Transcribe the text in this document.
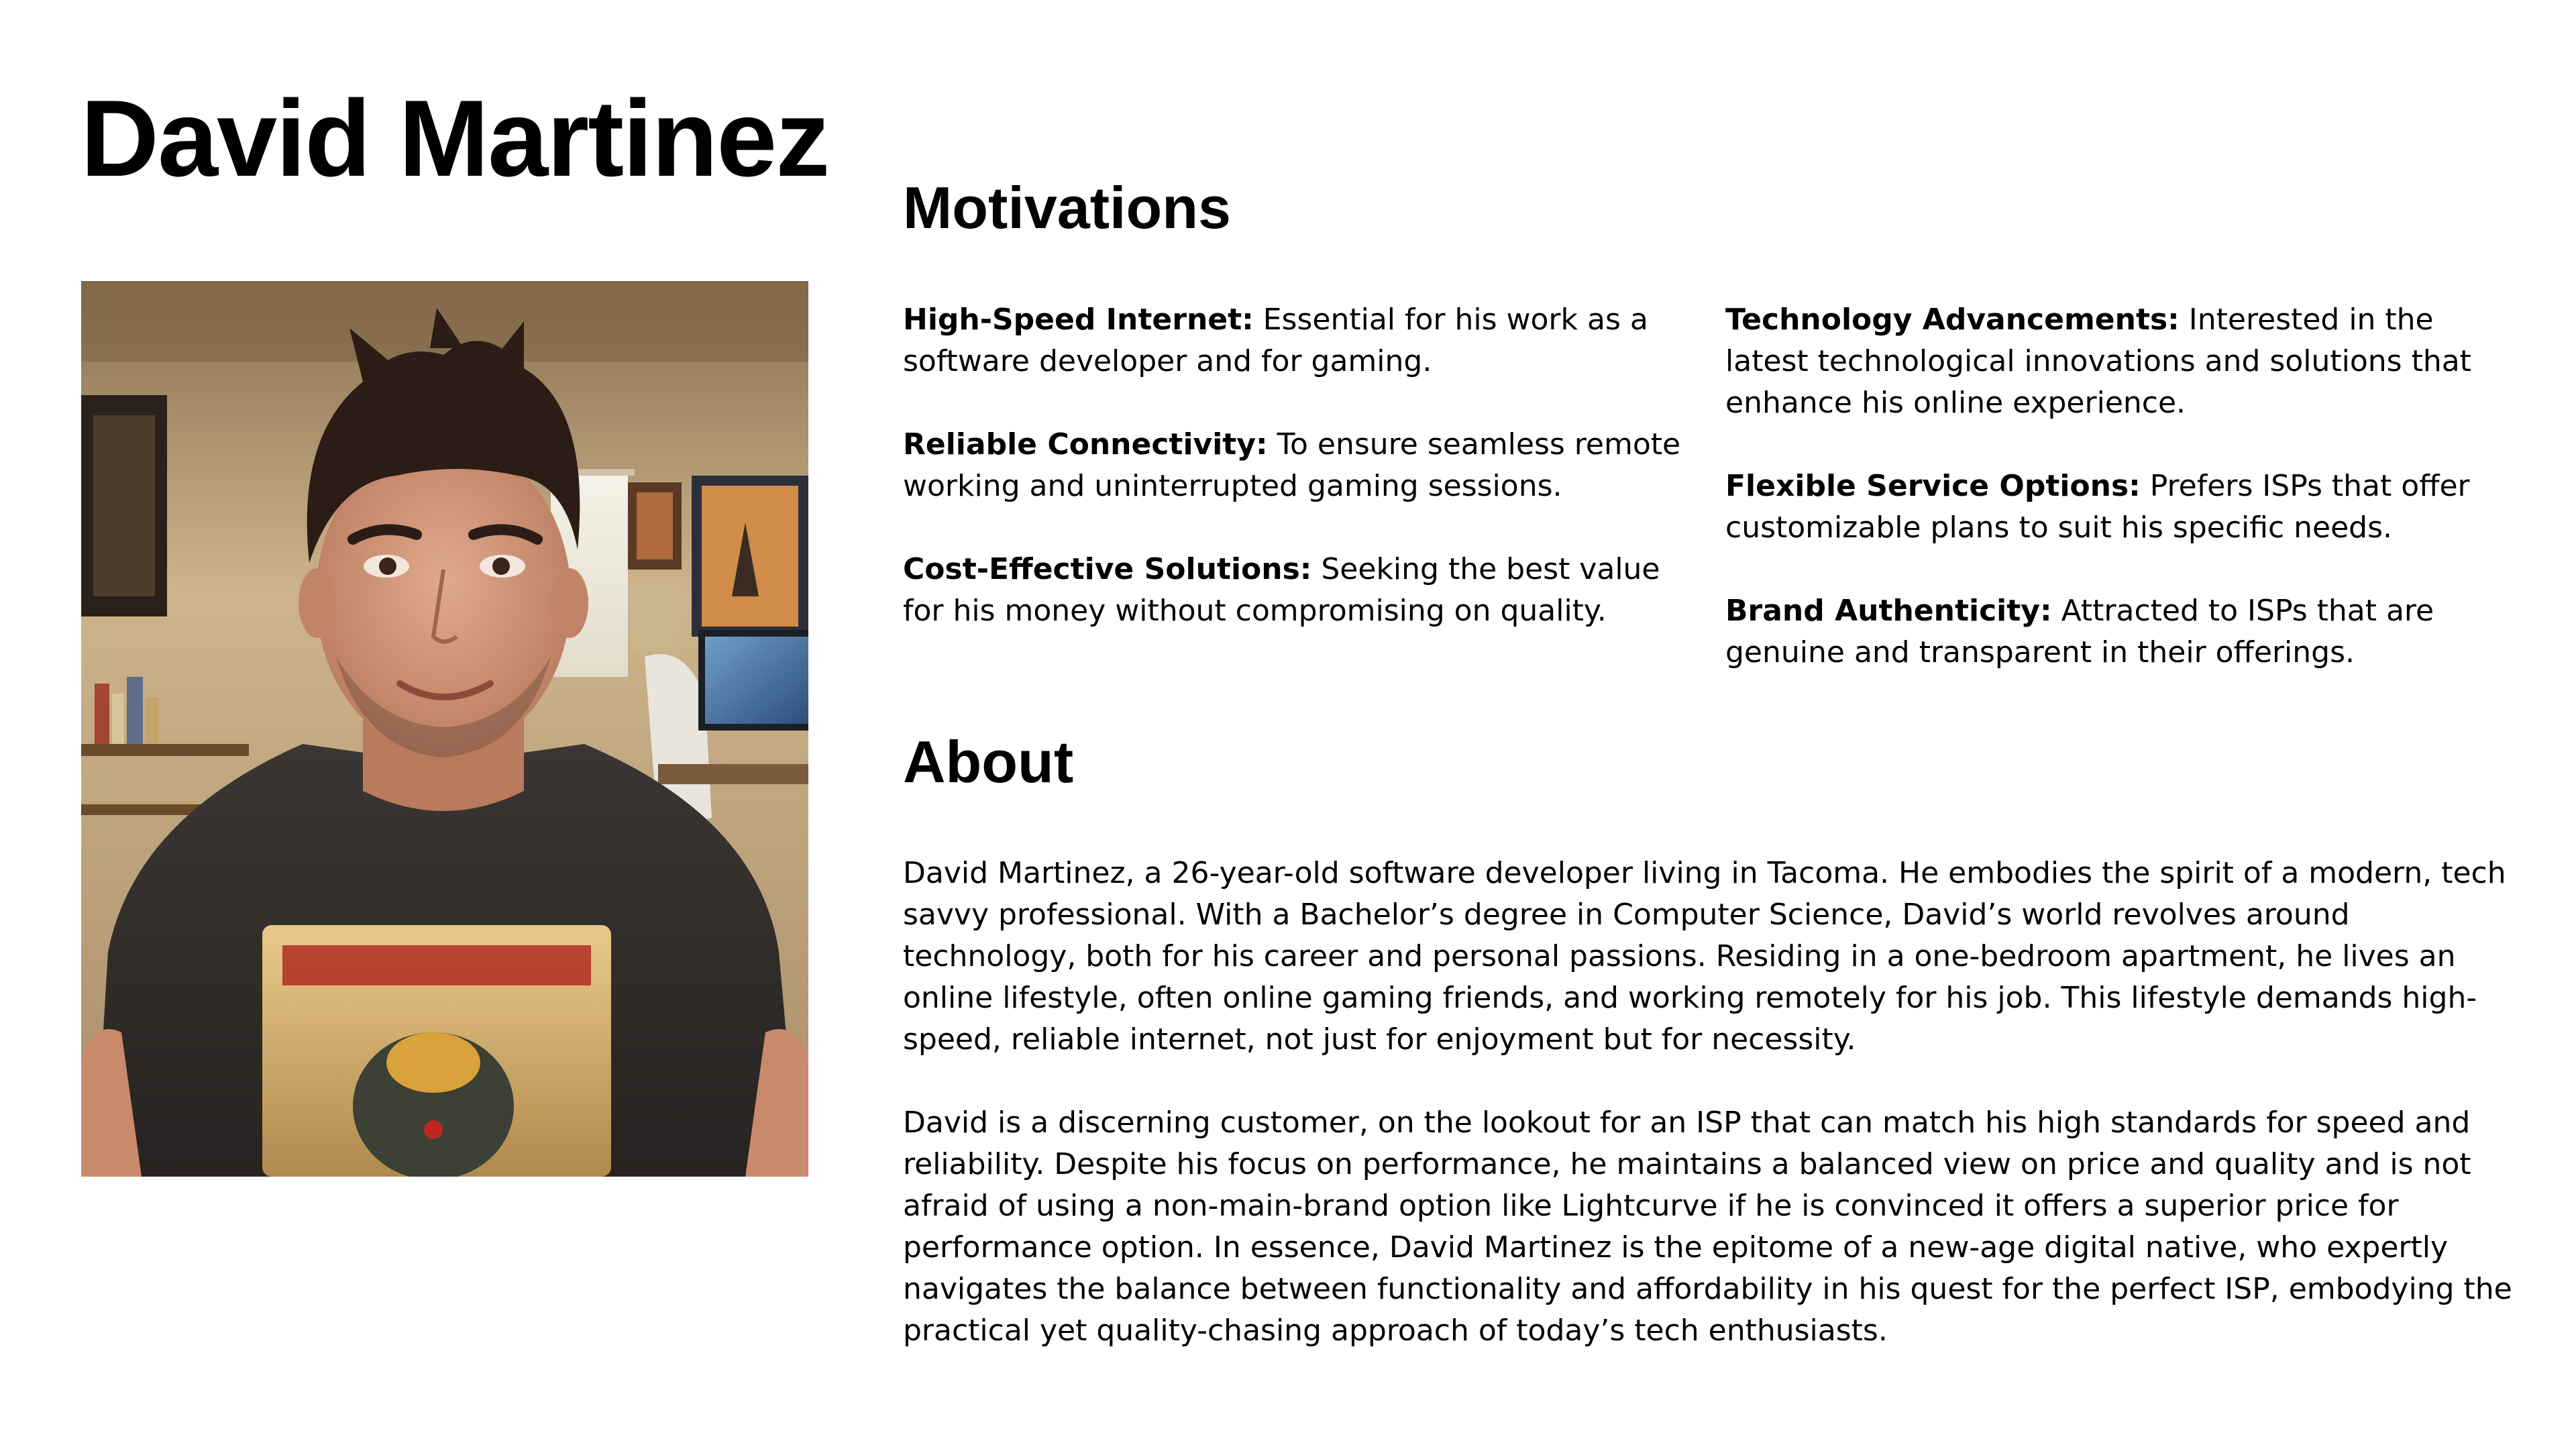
David Martinez
Motivations
High-Speed Internet: Essential for his work as a software developer and for gaming.
Reliable Connectivity: To ensure seamless remote working and uninterrupted gaming sessions.
Cost-Effective Solutions: Seeking the best value for his money without compromising on quality.
Technology Advancements: Interested in the latest technological innovations and solutions that enhance his online experience.
Flexible Service Options: Prefers ISPs that offer customizable plans to suit his specific needs.
Brand Authenticity: Attracted to ISPs that are genuine and transparent in their offerings.
About

David Martinez, a 26-year-old software developer living in Tacoma. He embodies the spirit of a modern, tech savvy professional. With a Bachelor’s degree in Computer Science, David’s world revolves around technology, both for his career and personal passions. Residing in a one-bedroom apartment, he lives an online lifestyle, often online gaming friends, and working remotely for his job. This lifestyle demands high-speed, reliable internet, not just for enjoyment but for necessity.

David is a discerning customer, on the lookout for an ISP that can match his high standards for speed and reliability. Despite his focus on performance, he maintains a balanced view on price and quality and is not afraid of using a non-main-brand option like Lightcurve if he is convinced it offers a superior price for performance option. In essence, David Martinez is the epitome of a new-age digital native, who expertly navigates the balance between functionality and affordability in his quest for the perfect ISP, embodying the practical yet quality-chasing approach of today’s tech enthusiasts.
